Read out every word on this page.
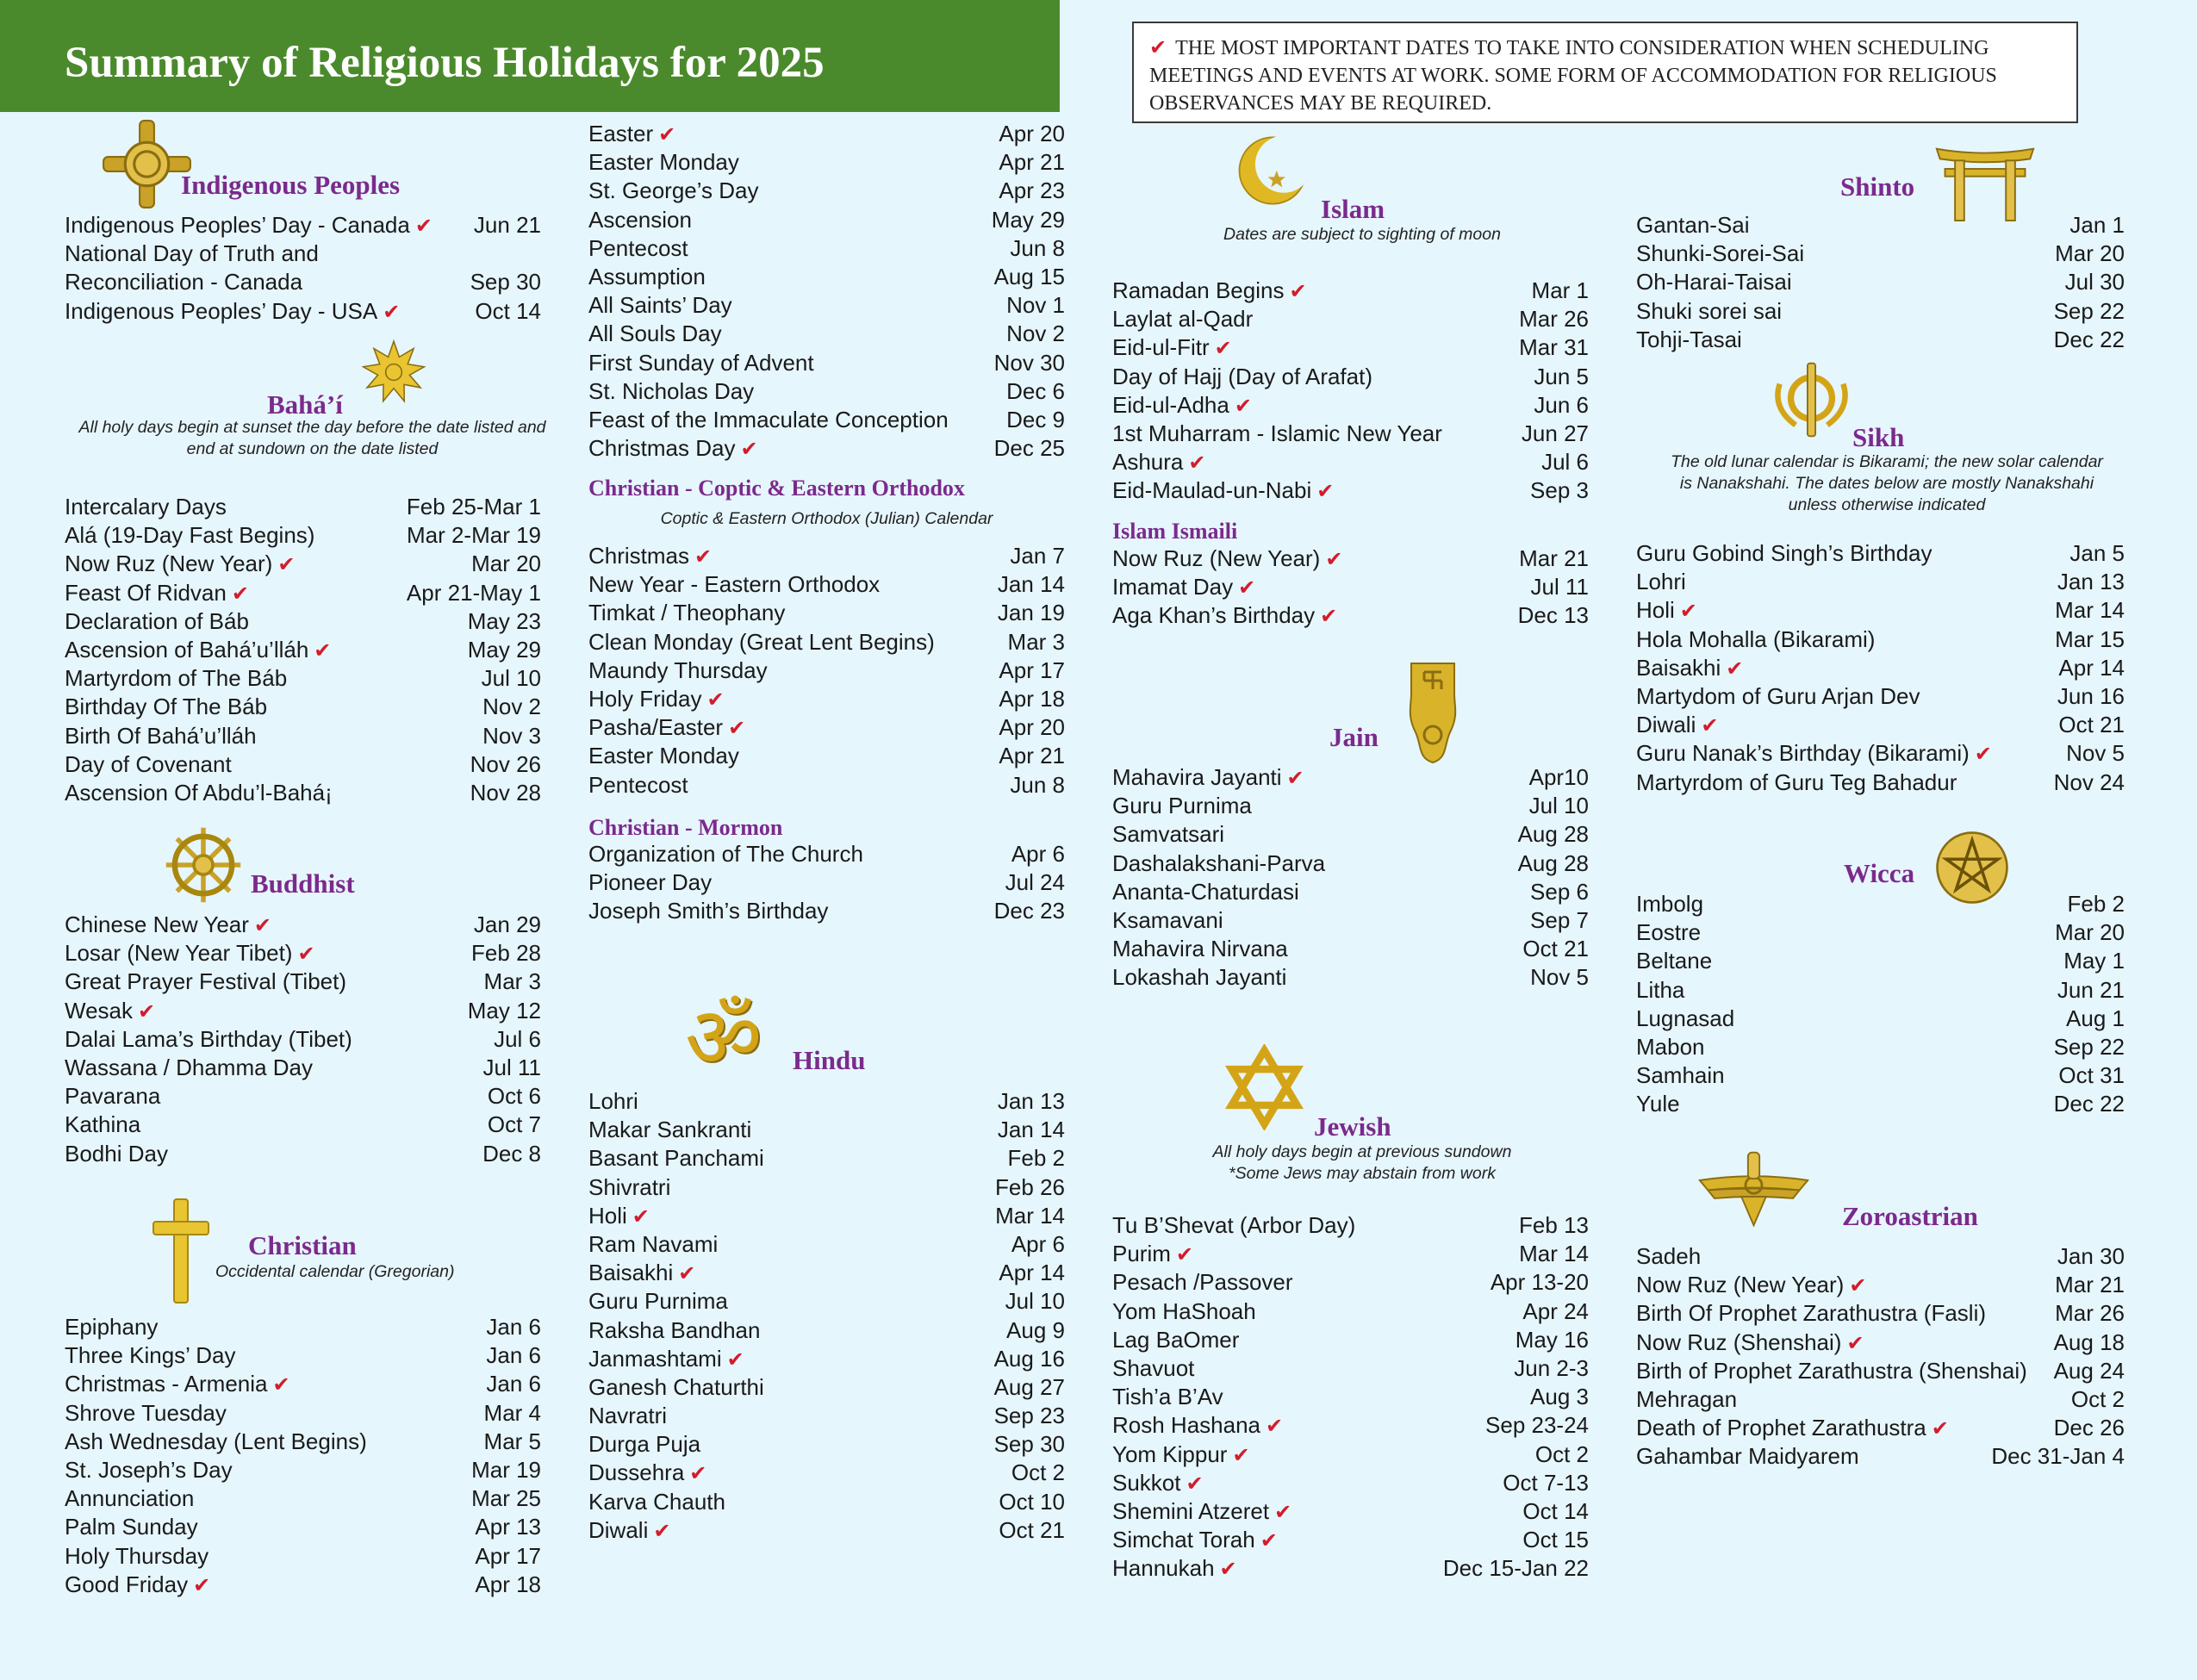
Summary of Religious Holidays for 2025	✔ THE MOST IMPORTANT DATES TO TAKE INTO CONSIDERATION WHEN SCHEDULING MEETINGS AND EVENTS AT WORK. SOME FORM OF ACCOMMODATION FOR RELIGIOUS OBSERVANCES MAY BE REQUIRED.
Indigenous Peoples
Indigenous Peoples’ Day - Canada ✔ Jun 21
National Day of Truth and
Reconciliation - Canada	Sep 30
Indigenous Peoples’ Day - USA ✔	Oct 14
Bahá’í
All holy days begin at sunset the day before the date listed and end at sundown on the date listed
Intercalary Days	Feb 25-Mar 1
Alá (19-Day Fast Begins)	Mar 2-Mar 19
Now Ruz (New Year) ✔	Mar 20
Feast Of Ridvan ✔	Apr 21-May 1
Declaration of Báb	May 23
Ascension of Bahá’u’lláh ✔	May 29
Martyrdom of The Báb	Jul 10
Birthday Of The Báb	Nov 2
Birth Of Bahá’u’lláh	Nov 3
Day of Covenant	Nov 26
Ascension Of Abdu’l-Bahá¡	Nov 28
Buddhist
Chinese New Year ✔	Jan 29
Losar (New Year Tibet) ✔	Feb 28
Great Prayer Festival (Tibet)	Mar 3
Wesak ✔	May 12
Dalai Lama’s Birthday (Tibet)	Jul 6
Wassana / Dhamma Day	Jul 11
Pavarana	Oct 6
Kathina	Oct 7
Bodhi Day	Dec 8
Christian
Occidental calendar (Gregorian)
Epiphany	Jan 6
Three Kings’ Day	Jan 6
Christmas - Armenia ✔	Jan 6
Shrove Tuesday	Mar 4
Ash Wednesday (Lent Begins)	Mar 5
St. Joseph’s Day	Mar 19
Annunciation	Mar 25
Palm Sunday	Apr 13
Holy Thursday	Apr 17
Good Friday ✔	Apr 18
Easter ✔	Apr 20
Easter Monday	Apr 21
St. George’s Day	Apr 23
Ascension	May 29
Pentecost	Jun 8
Assumption	Aug 15
All Saints’ Day	Nov 1
All Souls Day	Nov 2
First Sunday of Advent	Nov 30
St. Nicholas Day	Dec 6
Feast of the Immaculate Conception	Dec 9
Christmas Day ✔	Dec 25
Christian - Coptic & Eastern Orthodox
Coptic & Eastern Orthodox (Julian) Calendar
Christmas ✔	Jan 7
New Year - Eastern Orthodox	Jan 14
Timkat / Theophany	Jan 19
Clean Monday (Great Lent Begins)	Mar 3
Maundy Thursday	Apr 17
Holy Friday ✔	Apr 18
Pasha/Easter ✔	Apr 20
Easter Monday	Apr 21
Pentecost	Jun 8
Christian - Mormon
Organization of The Church	Apr 6
Pioneer Day	Jul 24
Joseph Smith’s Birthday	Dec 23
ॐ Hindu
Lohri	Jan 13
Makar Sankranti	Jan 14
Basant Panchami	Feb 2
Shivratri	Feb 26
Holi ✔	Mar 14
Ram Navami	Apr 6
Baisakhi ✔	Apr 14
Guru Purnima	Jul 10
Raksha Bandhan	Aug 9
Janmashtami ✔	Aug 16
Ganesh Chaturthi	Aug 27
Navratri	Sep 23
Durga Puja	Sep 30
Dussehra ✔	Oct 2
Karva Chauth	Oct 10
Diwali ✔	Oct 21
Islam
Dates are subject to sighting of moon
Ramadan Begins ✔	Mar 1
Laylat al-Qadr	Mar 26
Eid-ul-Fitr ✔	Mar 31
Day of Hajj (Day of Arafat)	Jun 5
Eid-ul-Adha ✔	Jun 6
1st Muharram - Islamic New Year	Jun 27
Ashura ✔	Jul 6
Eid-Maulad-un-Nabi ✔	Sep 3
Islam Ismaili
Now Ruz (New Year) ✔	Mar 21
Imamat Day ✔	Jul 11
Aga Khan’s Birthday ✔	Dec 13
Jain
Mahavira Jayanti ✔	Apr10
Guru Purnima	Jul 10
Samvatsari	Aug 28
Dashalakshani-Parva	Aug 28
Ananta-Chaturdasi	Sep 6
Ksamavani	Sep 7
Mahavira Nirvana	Oct 21
Lokashah Jayanti	Nov 5
Jewish
All holy days begin at previous sundown
*Some Jews may abstain from work
Tu B’Shevat (Arbor Day)	Feb 13
Purim ✔	Mar 14
Pesach /Passover	Apr 13-20
Yom HaShoah	Apr 24
Lag BaOmer	May 16
Shavuot	Jun 2-3
Tish’a B’Av	Aug 3
Rosh Hashana ✔	Sep 23-24
Yom Kippur ✔	Oct 2
Sukkot ✔	Oct 7-13
Shemini Atzeret ✔	Oct 14
Simchat Torah ✔	Oct 15
Hannukah ✔	Dec 15-Jan 22
Shinto
Gantan-Sai	Jan 1
Shunki-Sorei-Sai	Mar 20
Oh-Harai-Taisai	Jul 30
Shuki sorei sai	Sep 22
Tohji-Tasai	Dec 22
Sikh
The old lunar calendar is Bikarami; the new solar calendar is Nanakshahi. The dates below are mostly Nanakshahi unless otherwise indicated
Guru Gobind Singh’s Birthday	Jan 5
Lohri	Jan 13
Holi ✔	Mar 14
Hola Mohalla (Bikarami)	Mar 15
Baisakhi ✔	Apr 14
Martydom of Guru Arjan Dev	Jun 16
Diwali ✔	Oct 21
Guru Nanak’s Birthday (Bikarami) ✔	Nov 5
Martyrdom of Guru Teg Bahadur	Nov 24
Wicca
Imbolg	Feb 2
Eostre	Mar 20
Beltane	May 1
Litha	Jun 21
Lugnasad	Aug 1
Mabon	Sep 22
Samhain	Oct 31
Yule	Dec 22
Zoroastrian
Sadeh	Jan 30
Now Ruz (New Year) ✔	Mar 21
Birth Of Prophet Zarathustra (Fasli)	Mar 26
Now Ruz (Shenshai) ✔	Aug 18
Birth of Prophet Zarathustra (Shenshai) Aug 24
Mehragan	Oct 2
Death of Prophet Zarathustra ✔	Dec 26
Gahambar Maidyarem	Dec 31-Jan 4
